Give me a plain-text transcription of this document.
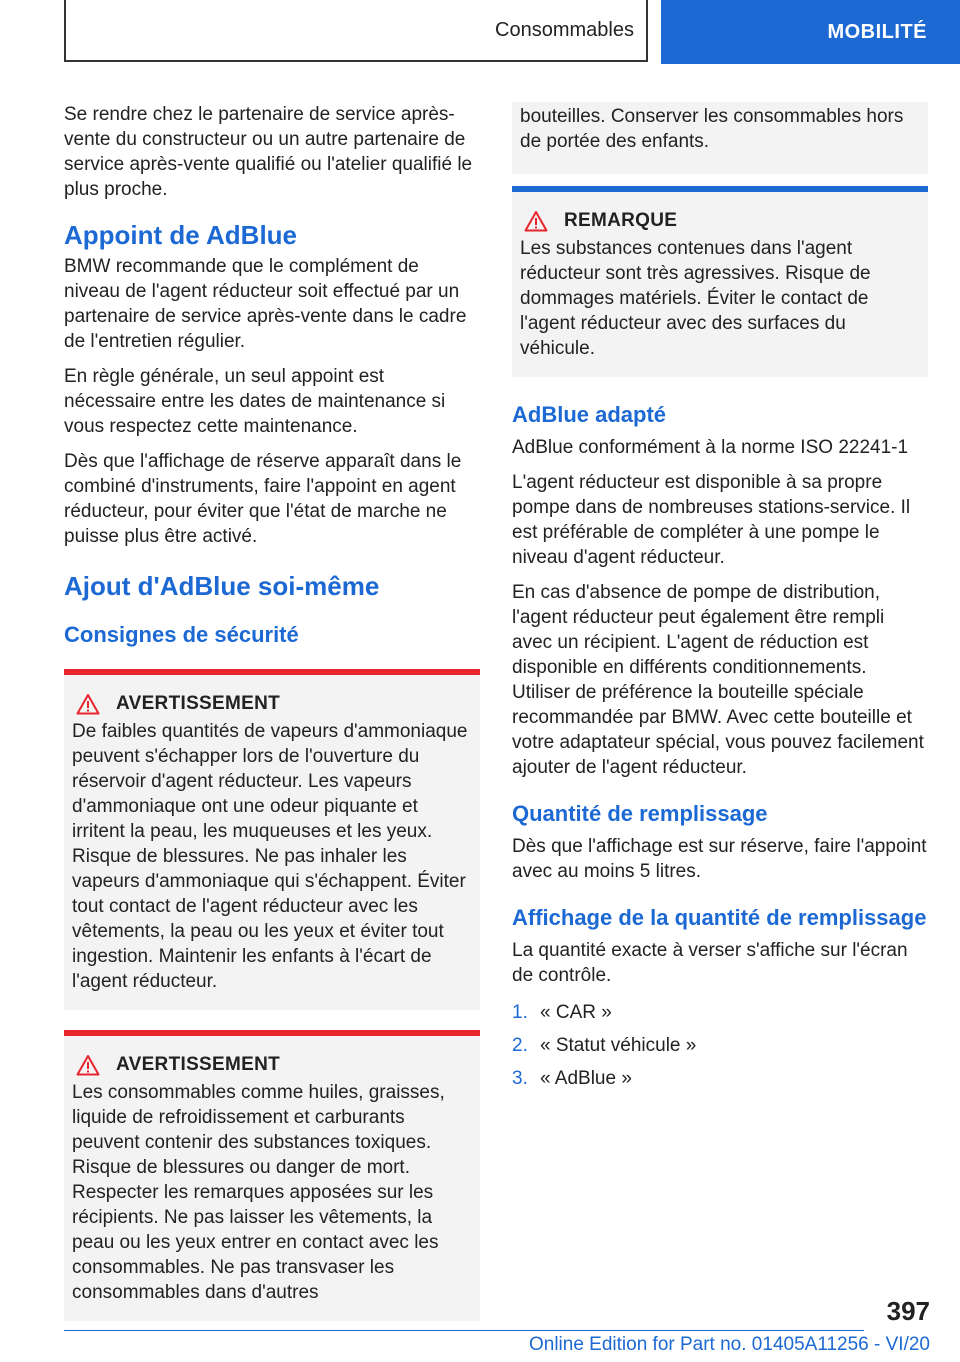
Consommables	MOBILITÉ

Se rendre chez le partenaire de service après-vente du constructeur ou un autre partenaire de service après-vente qualifié ou l'atelier qualifié le plus proche.

Appoint de AdBlue

BMW recommande que le complément de niveau de l'agent réducteur soit effectué par un partenaire de service après-vente dans le cadre de l'entretien régulier.

En règle générale, un seul appoint est nécessaire entre les dates de maintenance si vous respectez cette maintenance.

Dès que l'affichage de réserve apparaît dans le combiné d'instruments, faire l'appoint en agent réducteur, pour éviter que l'état de marche ne puisse plus être activé.

Ajout d'AdBlue soi-même
Consignes de sécurité
AVERTISSEMENT

De faibles quantités de vapeurs d'ammoniaque peuvent s'échapper lors de l'ouverture du réservoir d'agent réducteur. Les vapeurs d'ammoniaque ont une odeur piquante et irritent la peau, les muqueuses et les yeux. Risque de blessures. Ne pas inhaler les vapeurs d'ammoniaque qui s'échappent. Éviter tout contact de l'agent réducteur avec les vêtements, la peau ou les yeux et éviter tout ingestion. Maintenir les enfants à l'écart de l'agent réducteur.

AVERTISSEMENT

Les consommables comme huiles, graisses, liquide de refroidissement et carburants peuvent contenir des substances toxiques. Risque de blessures ou danger de mort. Respecter les remarques apposées sur les récipients. Ne pas laisser les vêtements, la peau ou les yeux entrer en contact avec les consommables. Ne pas transvaser les consommables dans d'autres

bouteilles. Conserver les consommables hors de portée des enfants.

REMARQUE

Les substances contenues dans l'agent réducteur sont très agressives. Risque de dommages matériels. Éviter le contact de l'agent réducteur avec des surfaces du véhicule.

AdBlue adapté

AdBlue conformément à la norme ISO 22241-1

L'agent réducteur est disponible à sa propre pompe dans de nombreuses stations-service. Il est préférable de compléter à une pompe le niveau d'agent réducteur.

En cas d'absence de pompe de distribution, l'agent réducteur peut également être rempli avec un récipient. L'agent de réduction est disponible en différents conditionnements. Utiliser de préférence la bouteille spéciale recommandée par BMW. Avec cette bouteille et votre adaptateur spécial, vous pouvez facilement ajouter de l'agent réducteur.

Quantité de remplissage

Dès que l'affichage est sur réserve, faire l'appoint avec au moins 5 litres.

Affichage de la quantité de remplissage

La quantité exacte à verser s'affiche sur l'écran de contrôle.

1. « CAR »
2. « Statut véhicule »
3. « AdBlue »
397
Online Edition for Part no. 01405A11256 - VI/20
